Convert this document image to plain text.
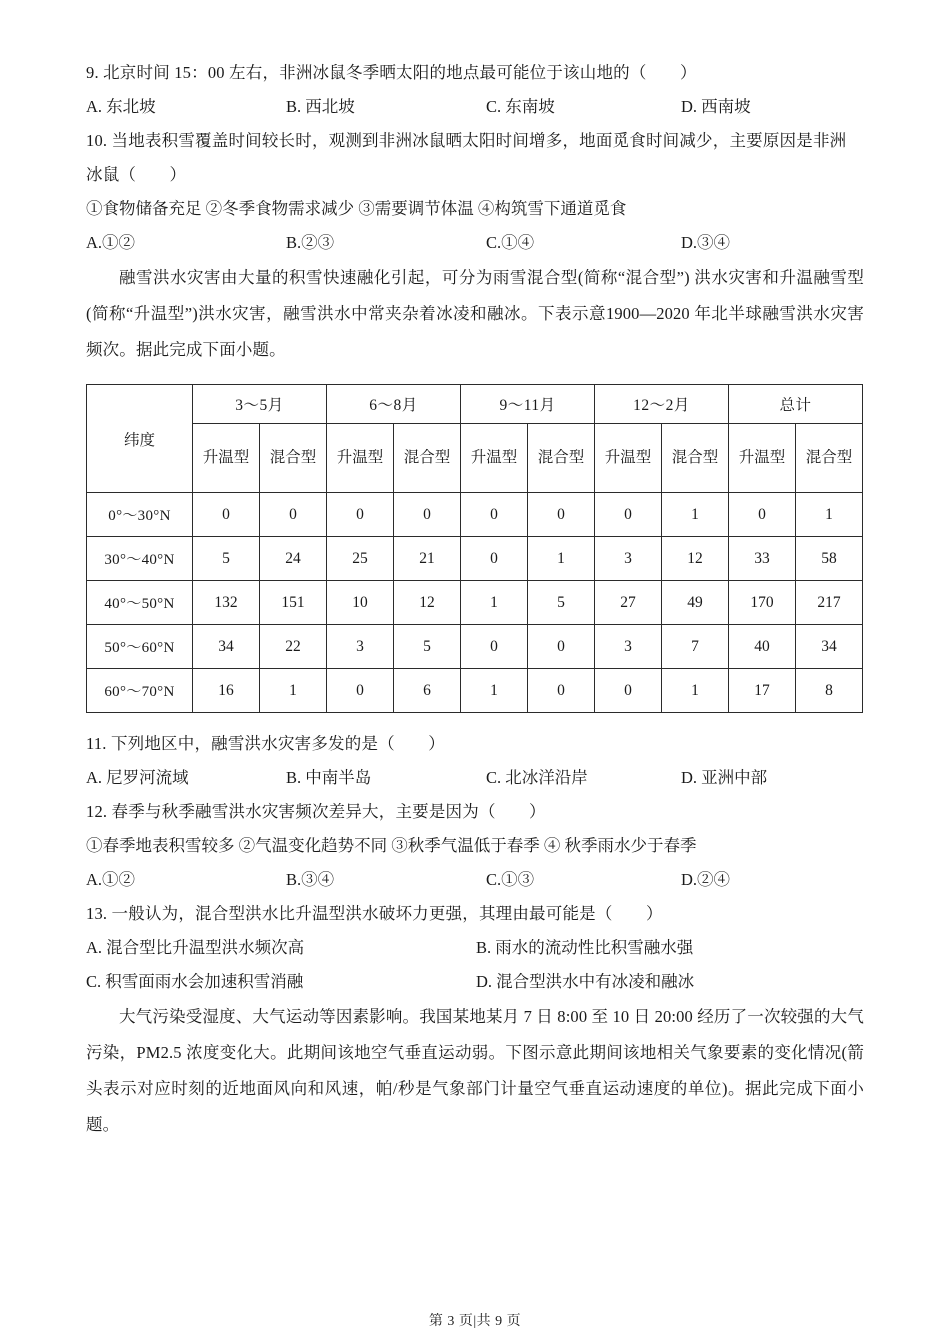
9. 北京时间 15：00 左右，非洲冰鼠冬季晒太阳的地点最可能位于该山地的（　　）
A. 东北坡	B. 西北坡	C. 东南坡	D. 西南坡
10. 当地表积雪覆盖时间较长时，观测到非洲冰鼠晒太阳时间增多，地面觅食时间减少，主要原因是非洲
冰鼠（　　）
①食物储备充足 ②冬季食物需求减少 ③需要调节体温 ④构筑雪下通道觅食
A.①②	B.②③	C.①④	D.③④
融雪洪水灾害由大量的积雪快速融化引起，可分为雨雪混合型(简称“混合型”) 洪水灾害和升温融雪型(简称“升温型”)洪水灾害，融雪洪水中常夹杂着冰凌和融冰。下表示意1900—2020 年北半球融雪洪水灾害频次。据此完成下面小题。
纬度	3～5月		6～8月		9～11月		12～2月		总计	
	升温型	混合型	升温型	混合型	升温型	混合型	升温型	混合型	升温型	混合型
0°～30°N	0	0	0	0	0	0	0	1	0	1
30°～40°N	5	24	25	21	0	1	3	12	33	58
40°～50°N	132	151	10	12	1	5	27	49	170	217
50°～60°N	34	22	3	5	0	0	3	7	40	34
60°～70°N	16	1	0	6	1	0	0	1	17	8
11. 下列地区中，融雪洪水灾害多发的是（　　）
A. 尼罗河流域	B. 中南半岛	C. 北冰洋沿岸	D. 亚洲中部
12. 春季与秋季融雪洪水灾害频次差异大，主要是因为（　　）
①春季地表积雪较多 ②气温变化趋势不同 ③秋季气温低于春季 ④ 秋季雨水少于春季
A.①②	B.③④	C.①③	D.②④
13. 一般认为，混合型洪水比升温型洪水破坏力更强，其理由最可能是（　　）
A. 混合型比升温型洪水频次高	B. 雨水的流动性比积雪融水强
C. 积雪面雨水会加速积雪消融	D. 混合型洪水中有冰凌和融冰
大气污染受湿度、大气运动等因素影响。我国某地某月 7 日 8:00 至 10 日 20:00 经历了一次较强的大气污染，PM2.5 浓度变化大。此期间该地空气垂直运动弱。下图示意此期间该地相关气象要素的变化情况(箭头表示对应时刻的近地面风向和风速，帕/秒是气象部门计量空气垂直运动速度的单位)。据此完成下面小题。
第 3 页|共 9 页
